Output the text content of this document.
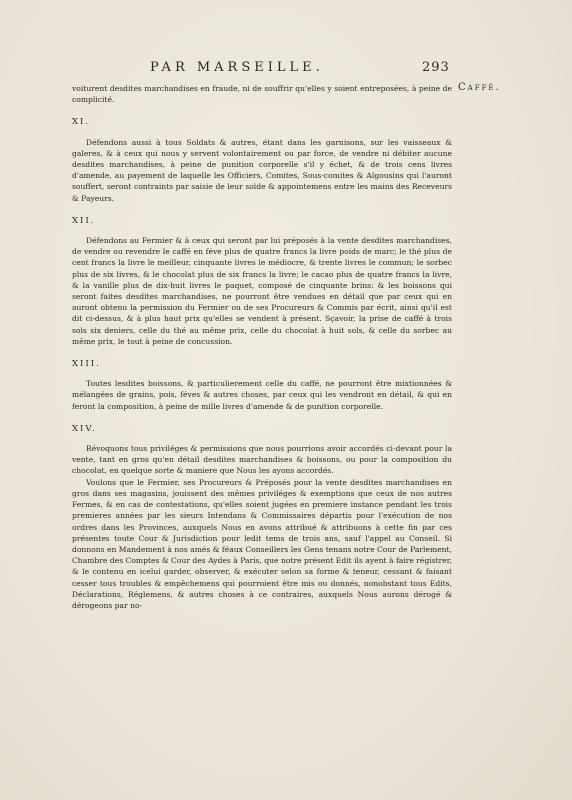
PAR MARSEILLE.	293
Caffé.

voiturent desdites marchandises en fraude, ni de souffrir qu'elles y soient entreposées, à peine de complicité.

XI.

Défendons aussi à tous Soldats & autres, étant dans les garnisons, sur les vaisseaux & galeres, & à ceux qui nous y servent volontairement ou par force, de vendre ni débiter aucune desdites marchandises, à peine de punition corporelle s'il y échet, & de trois cens livres d'amende, au payement de laquelle les Officiers, Comites, Sous-comites & Algousins qui l'auront souffert, seront contraints par saisie de leur solde & appointemens entre les mains des Receveurs & Payeurs.

XII.

Défendons au Fermier & à ceux qui seront par lui préposés à la vente desdites marchandises, de vendre ou revendre le caffé en féve plus de quatre francs la livre poids de marc; le thé plus de cent francs la livre le meilleur, cinquante livres le médiocre, & trente livres le commun; le sorbec plus de six livres, & le chocolat plus de six francs la livre; le cacao plus de quatre francs la livre, & la vanille plus de dix-huit livres le paquet, composé de cinquante brins: & les boissons qui seront faites desdites marchandises, ne pourront être vendues en détail que par ceux qui en auront obtenu la permission du Fermier ou de ses Procureurs & Commis par écrit, ainsi qu'il est dit ci-dessus, & à plus haut prix qu'elles se vendent à présent. Sçavoir, la prise de caffé à trois sols six deniers, celle du thé au même prix, celle du chocolat à huit sols, & celle du sorbec au même prix, le tout à peine de concussion.

XIII.

Toutes lesdites boissons, & particulierement celle du caffé, ne pourront être mixtionnées & mélangées de grains, pois, féves & autres choses, par ceux qui les vendront en détail, & qui en feront la composition, à peine de mille livres d'amende & de punition corporelle.

XIV.

Révoquons tous priviléges & permissions que nous pourrions avoir accordés ci-devant pour la vente, tant en gros qu'en détail desdites marchandises & boissons, ou pour la composition du chocolat, en quelque sorte & maniere que Nous les ayons accordés.

Voulons que le Fermier, ses Procureurs & Préposés pour la vente desdites marchandises en gros dans ses magasins, jouissent des mêmes priviléges & exemptions que ceux de nos autres Fermes, & en cas de contestations, qu'elles soient jugées en premiere instance pendant les trois premieres années par les sieurs Intendans & Commissaires départis pour l'exécution de nos ordres dans les Provinces, auxquels Nous en avons attribué & attribuons à cette fin par ces présentes toute Cour & Jurisdiction pour ledit tems de trois ans, sauf l'appel au Conseil. Si donnons en Mandement à nos amés & féaux Conseillers les Gens tenans notre Cour de Parlement, Chambre des Comptes & Cour des Aydes à Paris, que notre présent Edit ils ayent à faire régistrer, & le contenu en icelui garder, observer, & exécuter selon sa forme & teneur, cessant & faisant cesser tous troubles & empêchemens qui pourroient être mis ou donnés, nonobstant tous Edits, Déclarations, Réglemens, & autres choses à ce contraires, auxquels Nous aurons dérogé & dérogeons par no-
